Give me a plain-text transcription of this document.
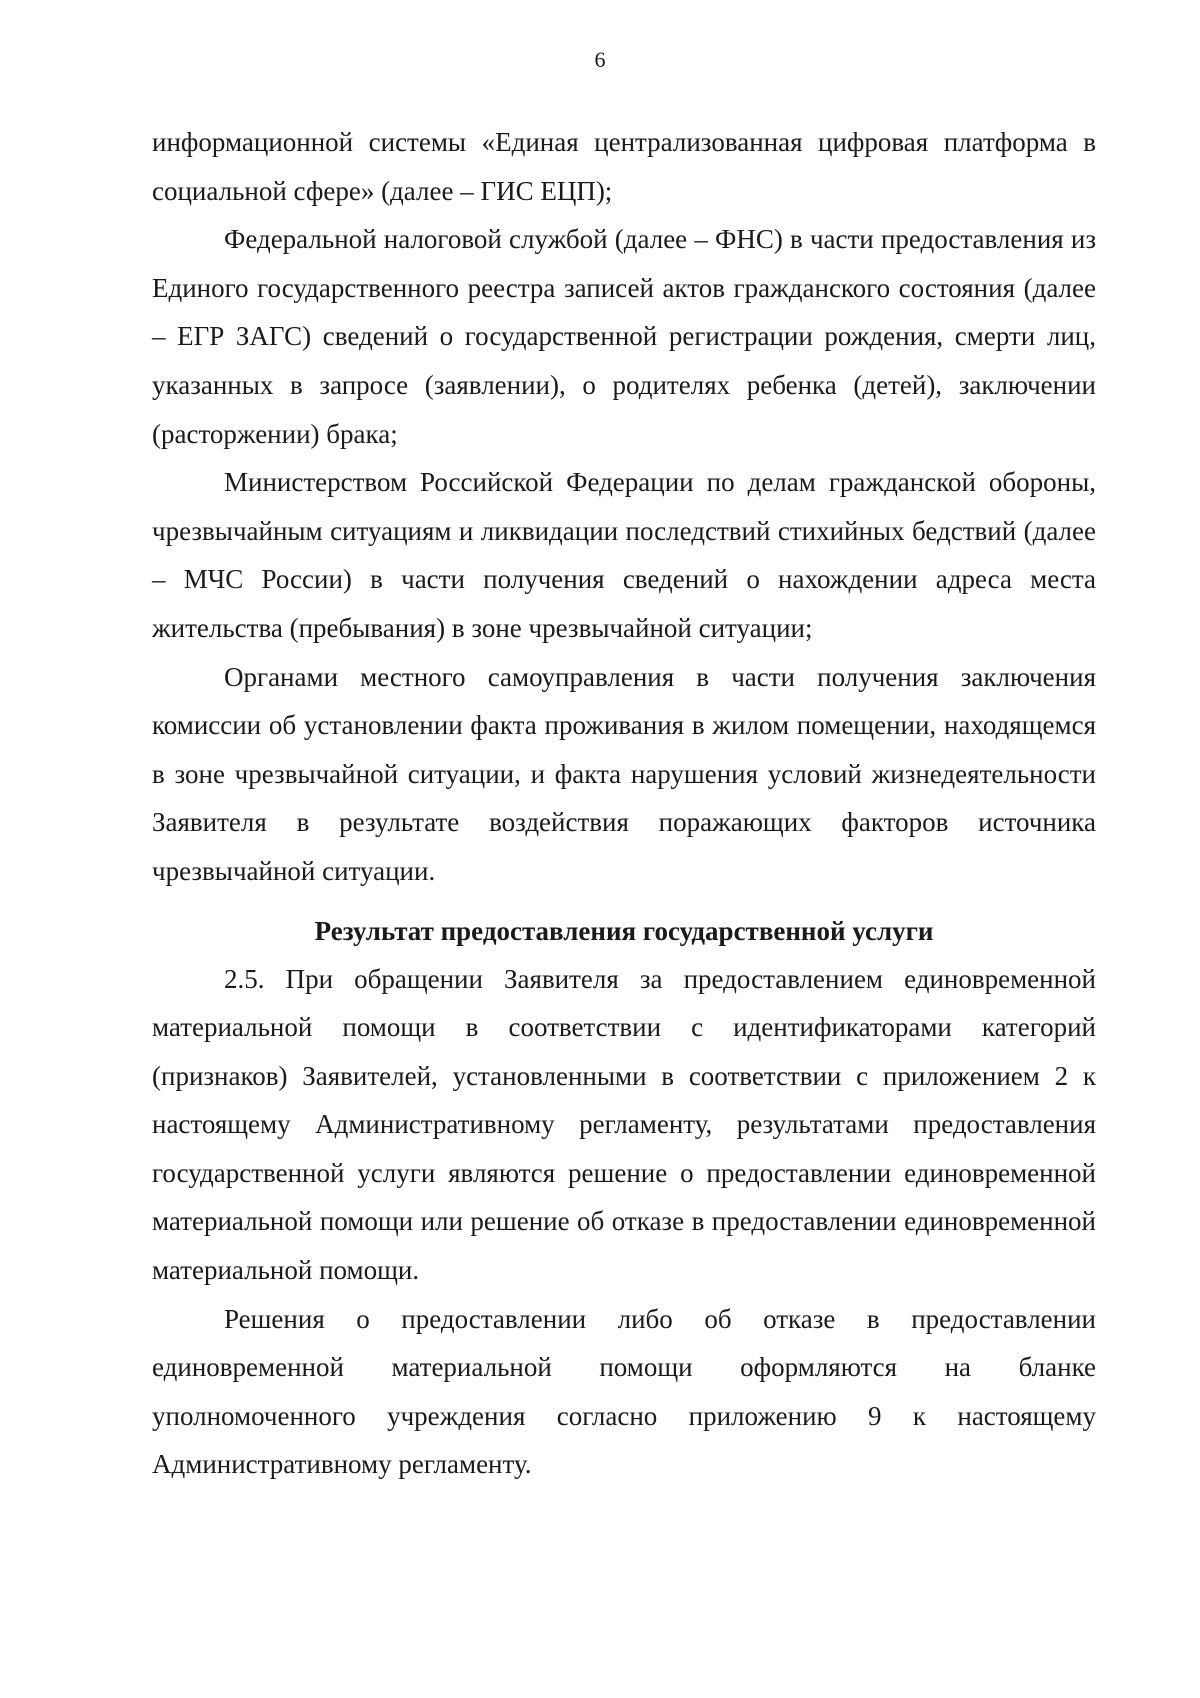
6

информационной системы «Единая централизованная цифровая платформа в социальной сфере» (далее – ГИС ЕЦП);

Федеральной налоговой службой (далее – ФНС) в части предоставления из Единого государственного реестра записей актов гражданского состояния (далее – ЕГР ЗАГС) сведений о государственной регистрации рождения, смерти лиц, указанных в запросе (заявлении), о родителях ребенка (детей), заключении (расторжении) брака;

Министерством Российской Федерации по делам гражданской обороны, чрезвычайным ситуациям и ликвидации последствий стихийных бедствий (далее – МЧС России) в части получения сведений о нахождении адреса места жительства (пребывания) в зоне чрезвычайной ситуации;

Органами местного самоуправления в части получения заключения комиссии об установлении факта проживания в жилом помещении, находящемся в зоне чрезвычайной ситуации, и факта нарушения условий жизнедеятельности Заявителя в результате воздействия поражающих факторов источника чрезвычайной ситуации.

Результат предоставления государственной услуги

2.5. При обращении Заявителя за предоставлением единовременной материальной помощи в соответствии с идентификаторами категорий (признаков) Заявителей, установленными в соответствии с приложением 2 к настоящему Административному регламенту, результатами предоставления государственной услуги являются решение о предоставлении единовременной материальной помощи или решение об отказе в предоставлении единовременной материальной помощи.

Решения о предоставлении либо об отказе в предоставлении единовременной материальной помощи оформляются на бланке уполномоченного учреждения согласно приложению 9 к настоящему Административному регламенту.
